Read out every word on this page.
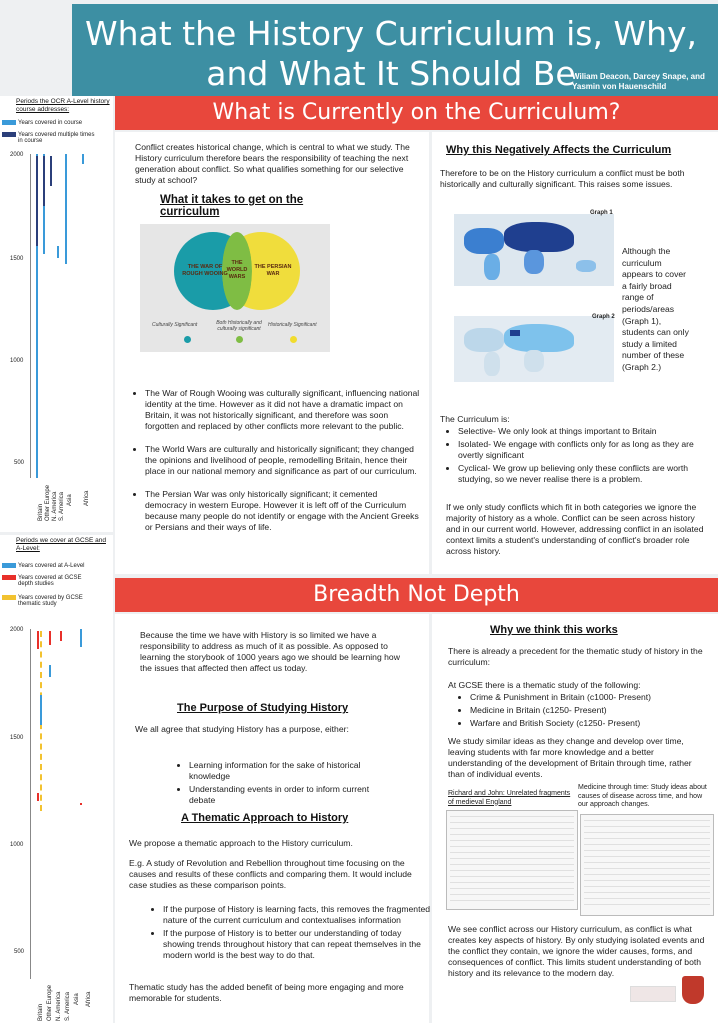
What the History Curriculum is, Why, and What It Should Be
Wiliam Deacon, Darcey Snape, and Yasmin von Hauenschild
Periods the OCR A-Level history course addresses:
Years covered in course
Years covered multiple times in course
2000
1500
1000
500
Britain Other Europe N. America S. America Asia Africa
Periods we cover at GCSE and A-Level:
Years covered at A-Level
Years covered at GCSE depth studies
Years covered by GCSE thematic study
2000
1500
1000
500
Britain Other Europe N. America S. America Asia Africa
What is Currently on the Curriculum?
Conflict creates historical change, which is central to what we study. The History curriculum therefore bears the responsibility of teaching the next generation about conflict. So what qualifies something for our selective study at school?
What it takes to get on the curriculum
THE WAR OF ROUGH WOOING
THE WORLD WARS
THE PERSIAN WAR
Culturally Significant	Both Historically and culturally significant
Historically Significant
• The War of Rough Wooing was culturally significant, influencing national identity at the time. However as it did not have a dramatic impact on Britain, it was not historically significant, and therefore was soon forgotten and replaced by other conflicts more relevant to the public.
• The World Wars are culturally and historically significant; they changed the opinions and livelihood of people, remodelling Britain, hence their place in our national memory and significance as part of our curriculum.
• The Persian War was only historically significant; it cemented democracy in western Europe. However it is left off of the Curriculum because many people do not identify or engage with the Ancient Greeks or Persians and their ways of life.
Why this Negatively Affects the Curriculum
Therefore to be on the History curriculum a conflict must be both historically and culturally significant. This raises some issues.
Graph 1
Graph 2
Although the curriculum appears to cover a fairly broad range of periods/areas (Graph 1), students can only study a limited number of these (Graph 2.)
The Curriculum is:
• Selective- We only look at things important to Britain
• Isolated- We engage with conflicts only for as long as they are overtly significant
• Cyclical- We grow up believing only these conflicts are worth studying, so we never realise there is a problem.
If we only study conflicts which fit in both categories we ignore the majority of history as a whole. Conflict can be seen across history and in our current world. However, addressing conflict in an isolated context limits a student's understanding of conflict's broader role across history.
Breadth Not Depth
Because the time we have with History is so limited we have a responsibility to address as much of it as possible. As opposed to learning the storybook of 1000 years ago we should be learning how the issues that affected then affect us today.
The Purpose of Studying History
We all agree that studying History has a purpose, either:
• Learning information for the sake of historical knowledge
• Understanding events in order to inform current debate
A Thematic Approach to History
We propose a thematic approach to the History curriculum.
E.g. A study of Revolution and Rebellion throughout time focusing on the causes and results of these conflicts and comparing them. It would include case studies as these comparison points.
• If the purpose of History is learning facts, this removes the fragmented nature of the current curriculum and contextualises information
• If the purpose of History is to better our understanding of today showing trends throughout history that can repeat themselves in the modern world is the best way to do that.
Thematic study has the added benefit of being more engaging and more memorable for students.
Why we think this works
There is already a precedent for the thematic study of history in the curriculum:
At GCSE there is a thematic study of the following:
• Crime & Punishment in Britain (c1000- Present)
• Medicine in Britain (c1250- Present)
• Warfare and British Society (c1250- Present)
We study similar ideas as they change and develop over time, leaving students with far more knowledge and a better understanding of the development of Britain through time, rather than of individual events.
Richard and John: Unrelated fragments of medieval England
Medicine through time: Study ideas about causes of disease across time, and how our approach changes.
We see conflict across our History curriculum, as conflict is what creates key aspects of history. By only studying isolated events and the conflict they contain, we ignore the wider causes, forms, and consequences of conflict. This limits student understanding of both history and its relevance to the modern day.
